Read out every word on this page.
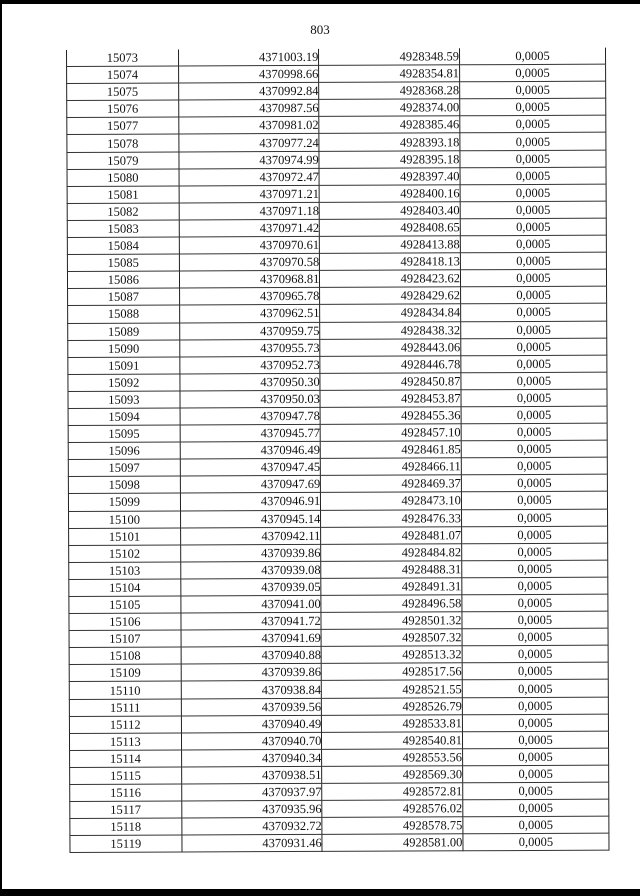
803
15073	4371003.19	4928348.59	0,0005
15074	4370998.66	4928354.81	0,0005
15075	4370992.84	4928368.28	0,0005
15076	4370987.56	4928374.00	0,0005
15077	4370981.02	4928385.46	0,0005
15078	4370977.24	4928393.18	0,0005
15079	4370974.99	4928395.18	0,0005
15080	4370972.47	4928397.40	0,0005
15081	4370971.21	4928400.16	0,0005
15082	4370971.18	4928403.40	0,0005
15083	4370971.42	4928408.65	0,0005
15084	4370970.61	4928413.88	0,0005
15085	4370970.58	4928418.13	0,0005
15086	4370968.81	4928423.62	0,0005
15087	4370965.78	4928429.62	0,0005
15088	4370962.51	4928434.84	0,0005
15089	4370959.75	4928438.32	0,0005
15090	4370955.73	4928443.06	0,0005
15091	4370952.73	4928446.78	0,0005
15092	4370950.30	4928450.87	0,0005
15093	4370950.03	4928453.87	0,0005
15094	4370947.78	4928455.36	0,0005
15095	4370945.77	4928457.10	0,0005
15096	4370946.49	4928461.85	0,0005
15097	4370947.45	4928466.11	0,0005
15098	4370947.69	4928469.37	0,0005
15099	4370946.91	4928473.10	0,0005
15100	4370945.14	4928476.33	0,0005
15101	4370942.11	4928481.07	0,0005
15102	4370939.86	4928484.82	0,0005
15103	4370939.08	4928488.31	0,0005
15104	4370939.05	4928491.31	0,0005
15105	4370941.00	4928496.58	0,0005
15106	4370941.72	4928501.32	0,0005
15107	4370941.69	4928507.32	0,0005
15108	4370940.88	4928513.32	0,0005
15109	4370939.86	4928517.56	0,0005
15110	4370938.84	4928521.55	0,0005
15111	4370939.56	4928526.79	0,0005
15112	4370940.49	4928533.81	0,0005
15113	4370940.70	4928540.81	0,0005
15114	4370940.34	4928553.56	0,0005
15115	4370938.51	4928569.30	0,0005
15116	4370937.97	4928572.81	0,0005
15117	4370935.96	4928576.02	0,0005
15118	4370932.72	4928578.75	0,0005
15119	4370931.46	4928581.00	0,0005
